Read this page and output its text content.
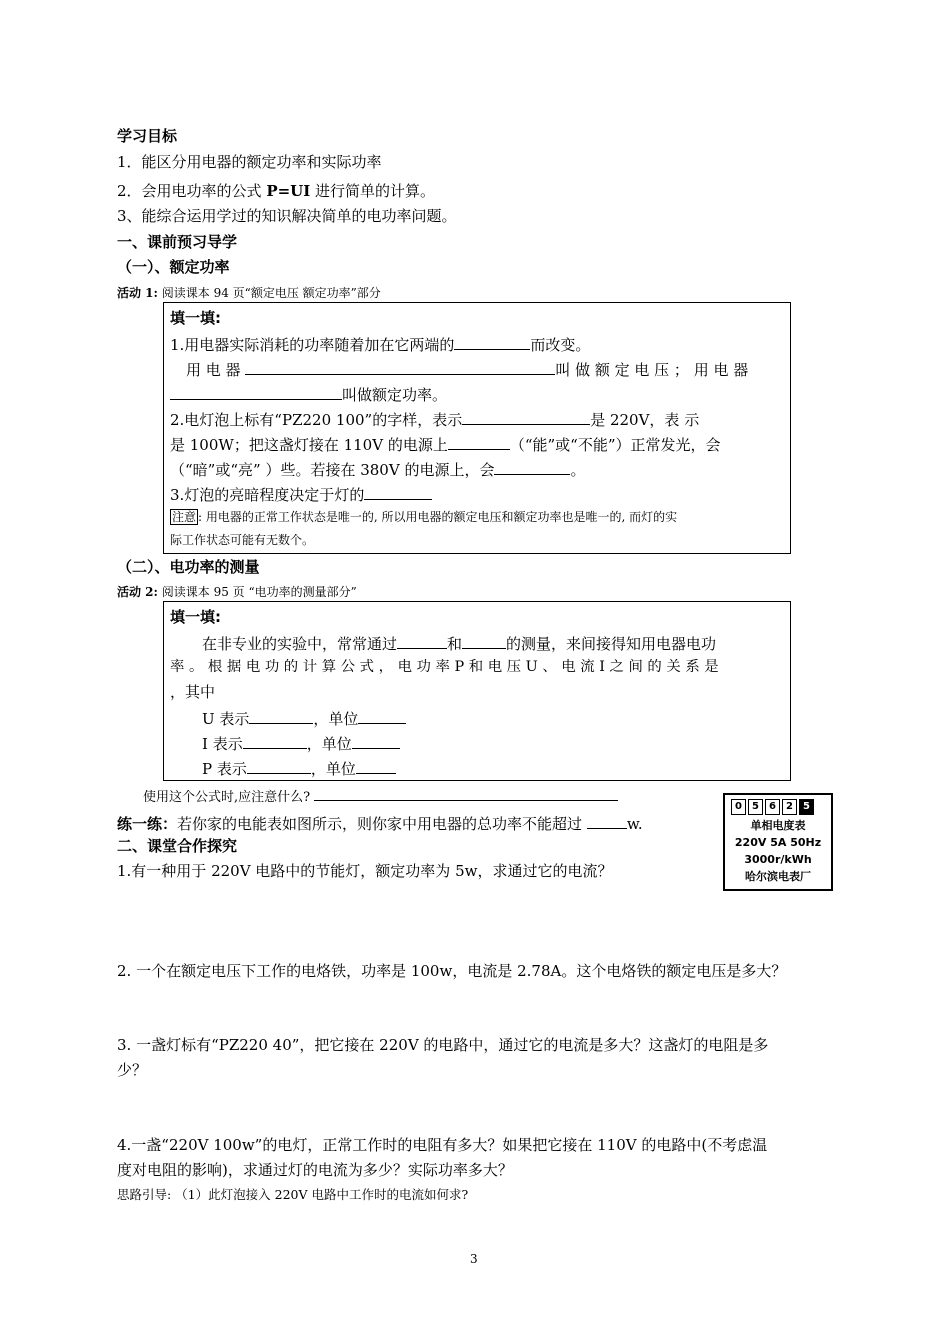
学习目标
1．能区分用电器的额定功率和实际功率
2．会用电功率的公式 P=UI 进行简单的计算。
3、能综合运用学过的知识解决简单的电功率问题。
一、课前预习导学
（一）、额定功率
活动 1: 阅读课本 94 页“额定电压 额定功率”部分
填一填:
1.用电器实际消耗的功率随着加在它两端的	而改变。
用 电 器	叫 做 额 定 电 压 ； 用 电 器
叫做额定功率。
2.电灯泡上标有“PZ220 100”的字样，表示	是 220V，表 示
是 100W；把这盏灯接在 110V 的电源上	（“能”或“不能”）正常发光，会
（“暗”或“亮” ）些。若接在 380V 的电源上，会	。
3.灯泡的亮暗程度决定于灯的
注意 : 用电器的正常工作状态是唯一的, 所以用电器的额定电压和额定功率也是唯一的, 而灯的实
际工作状态可能有无数个。
（二）、电功率的测量
活动 2: 阅读课本 95 页 “电功率的测量部分”
填一填:
在非专业的实验中，常常通过	和	的测量，来间接得知用电器电功
率 。 根 据 电 功 的 计 算 公 式 ， 电 功 率 P 和 电 压 U 、 电 流 I 之 间 的 关 系 是
，其中
U 表示	，单位
I 表示	，单位
P 表示	，单位
使用这个公式时,应注意什么?
练一练：若你家的电能表如图所示，则你家中用电器的总功率不能超过	w.
0	5	6	2	5
单相电度表
220V 5A 50Hz
3000r/kWh
哈尔滨电表厂
二、课堂合作探究
1.有一种用于 220V 电路中的节能灯，额定功率为 5w，求通过它的电流？
2. 一个在额定电压下工作的电烙铁，功率是 100w，电流是 2.78A。这个电烙铁的额定电压是多大？
3. 一盏灯标有“PZ220 40”，把它接在 220V 的电路中，通过它的电流是多大？这盏灯的电阻是多
少？
4.一盏“220V 100w”的电灯，正常工作时的电阻有多大？如果把它接在 110V 的电路中(不考虑温
度对电阻的影响)，求通过灯的电流为多少？实际功率多大？
思路引导: （1）此灯泡接入 220V 电路中工作时的电流如何求?
3
